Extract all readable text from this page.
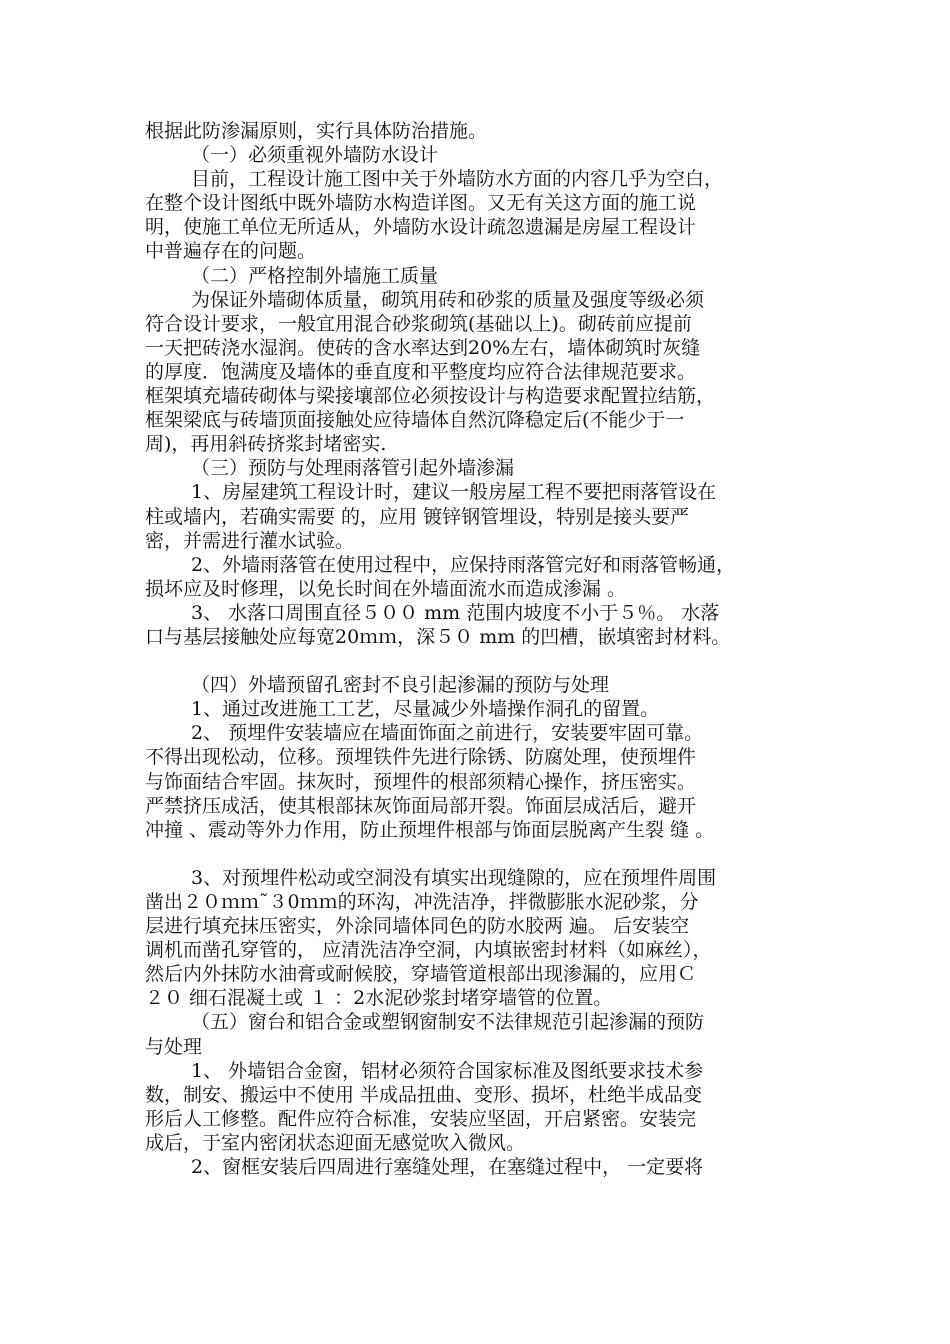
根据此防渗漏原则，实行具体防治措施。
（一）必须重视外墙防水设计
目前，工程设计施工图中关于外墙防水方面的内容几乎为空白，
在整个设计图纸中既外墙防水构造详图。又无有关这方面的施工说
明，使施工单位无所适从，外墙防水设计疏忽遗漏是房屋工程设计
中普遍存在的问题。
（二）严格控制外墙施工质量
为保证外墙砌体质量，砌筑用砖和砂浆的质量及强度等级必须
符合设计要求，一般宜用混合砂浆砌筑(基础以上)。砌砖前应提前
一天把砖浇水湿润。使砖的含水率达到20%左右，墙体砌筑时灰缝
的厚度．饱满度及墙体的垂直度和平整度均应符合法律规范要求。
框架填充墙砖砌体与梁接壤部位必须按设计与构造要求配置拉结筋，
框架梁底与砖墙顶面接触处应待墙体自然沉降稳定后(不能少于一
周)，再用斜砖挤浆封堵密实.
（三）预防与处理雨落管引起外墙渗漏
1、房屋建筑工程设计时，建议一般房屋工程不要把雨落管设在
柱或墙内，若确实需要 的，应用 镀锌钢管埋设，特别是接头要严
密，并需进行灌水试验。
2、外墙雨落管在使用过程中，应保持雨落管完好和雨落管畅通，
损坏应及时修理，以免长时间在外墙面流水而造成渗漏 。
3、 水落口周围直径５００ mm 范围内坡度不小于５％。 水落
口与基层接触处应每宽20ｍｍ，深５０ mm 的凹槽，嵌填密封材料。
（四）外墙预留孔密封不良引起渗漏的预防与处理
1、通过改进施工工艺，尽量减少外墙操作洞孔的留置。
2、 预埋件安装墙应在墙面饰面之前进行，安装要牢固可靠。
不得出现松动，位移。预埋铁件先进行除锈、防腐处理，使预埋件
与饰面结合牢固。抹灰时，预埋件的根部须精心操作，挤压密实。
严禁挤压成活，使其根部抹灰饰面局部开裂。饰面层成活后，避开
冲撞 、震动等外力作用，防止预埋件根部与饰面层脱离产生裂 缝 。
3、对预埋件松动或空洞没有填实出现缝隙的，应在预埋件周围
凿出２０ｍｍ˜３0ｍｍ的环沟，冲洗洁净，拌微膨胀水泥砂浆，分
层进行填充抹压密实，外涂同墙体同色的防水胶两 遍。 后安装空
调机而凿孔穿管的， 应清洗洁净空洞，内填嵌密封材料（如麻丝），
然后内外抹防水油膏或耐候胶，穿墙管道根部出现渗漏的，应用Ｃ
２０ 细石混凝土或 １ ：2水泥砂浆封堵穿墙管的位置。
（五）窗台和铝合金或塑钢窗制安不法律规范引起渗漏的预防
与处理
1、 外墙铝合金窗，铝材必须符合国家标准及图纸要求技术参
数，制安、搬运中不使用 半成品扭曲、变形、损坏，杜绝半成品变
形后人工修整。配件应符合标准，安装应坚固，开启紧密。安装完
成后，于室内密闭状态迎面无感觉吹入微风。
2、窗框安装后四周进行塞缝处理，在塞缝过程中， 一定要将
